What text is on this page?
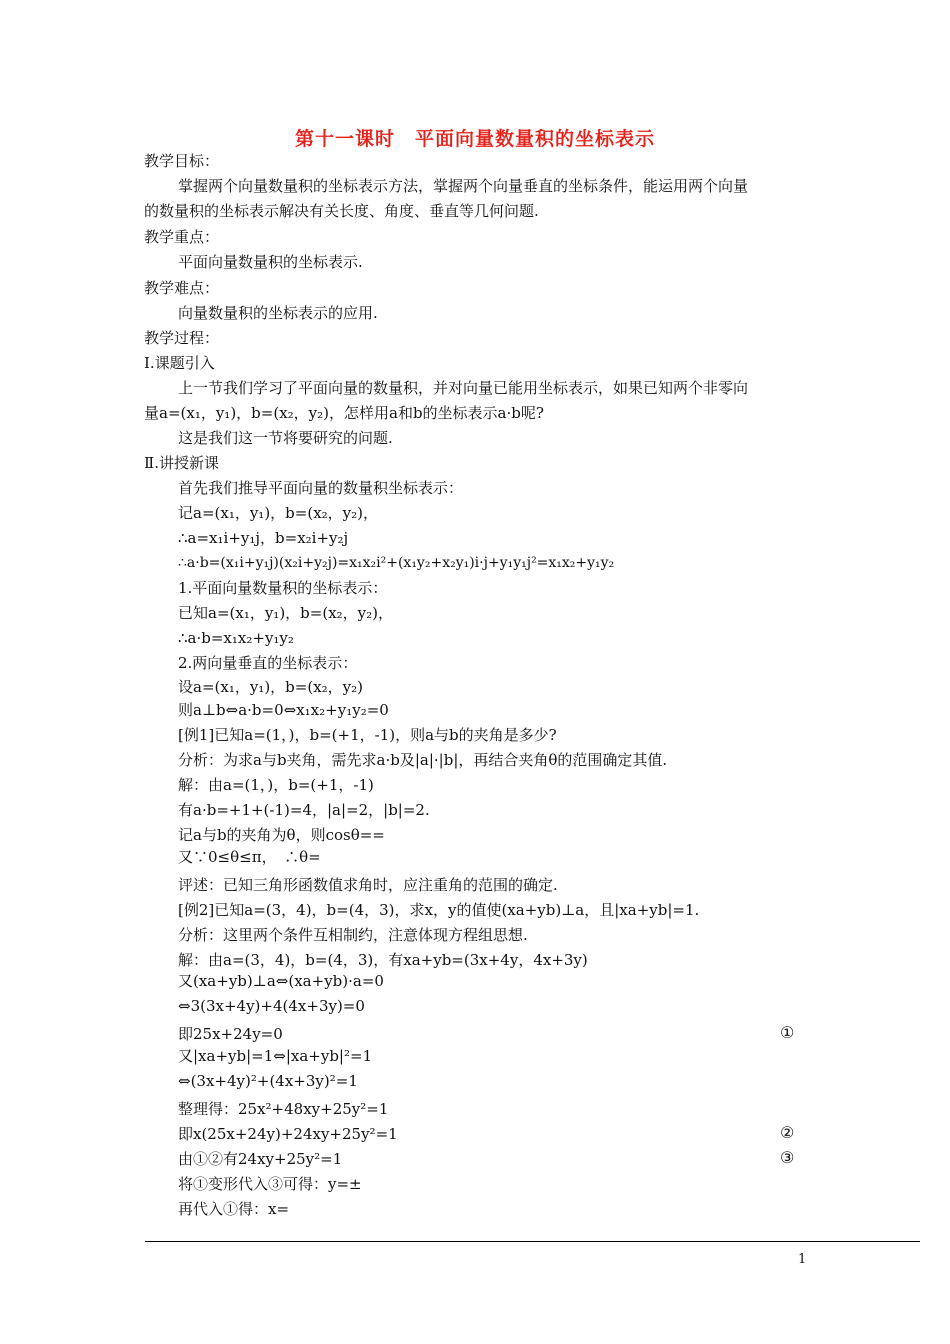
第十一课时　平面向量数量积的坐标表示
教学目标：
掌握两个向量数量积的坐标表示方法，掌握两个向量垂直的坐标条件，能运用两个向量
的数量积的坐标表示解决有关长度、角度、垂直等几何问题.
教学重点：
平面向量数量积的坐标表示.
教学难点：
向量数量积的坐标表示的应用.
教学过程：
Ⅰ.课题引入
上一节我们学习了平面向量的数量积，并对向量已能用坐标表示，如果已知两个非零向
量a=(x₁，y₁)，b=(x₂，y₂)，怎样用a和b的坐标表示a·b呢?
这是我们这一节将要研究的问题.
Ⅱ.讲授新课
首先我们推导平面向量的数量积坐标表示：
记a=(x₁，y₁)，b=(x₂，y₂)，
∴a=x₁i+y₁j，b=x₂i+y₂j
∴a·b=(x₁i+y₁j)(x₂i+y₂j)=x₁x₂i²+(x₁y₂+x₂y₁)i·j+y₁y₁j²=x₁x₂+y₁y₂
1.平面向量数量积的坐标表示：
已知a=(x₁，y₁)，b=(x₂，y₂)，
∴a·b=x₁x₂+y₁y₂
2.两向量垂直的坐标表示：
设a=(x₁，y₁)，b=(x₂，y₂)
则a⊥b⇔a·b=0⇔x₁x₂+y₁y₂=0
[例1]已知a=(1，)，b=(+1，-1)，则a与b的夹角是多少?
分析：为求a与b夹角，需先求a·b及|a|·|b|，再结合夹角θ的范围确定其值.
解：由a=(1，)，b=(+1，-1)
有a·b=+1+(-1)=4，|a|=2，|b|=2.
记a与b的夹角为θ，则cosθ==
又∵0≤θ≤π，　∴θ=
评述：已知三角形函数值求角时，应注重角的范围的确定.
[例2]已知a=(3，4)，b=(4，3)，求x，y的值使(xa+yb)⊥a，且|xa+yb|=1.
分析：这里两个条件互相制约，注意体现方程组思想.
解：由a=(3，4)，b=(4，3)，有xa+yb=(3x+4y，4x+3y)
又(xa+yb)⊥a⇔(xa+yb)·a=0
⇔3(3x+4y)+4(4x+3y)=0
即25x+24y=0
又|xa+yb|=1⇔|xa+yb|²=1
⇔(3x+4y)²+(4x+3y)²=1
整理得：25x²+48xy+25y²=1
即x(25x+24y)+24xy+25y²=1
由①②有24xy+25y²=1
将①变形代入③可得：y=±
再代入①得：x=
①
②
③
1
